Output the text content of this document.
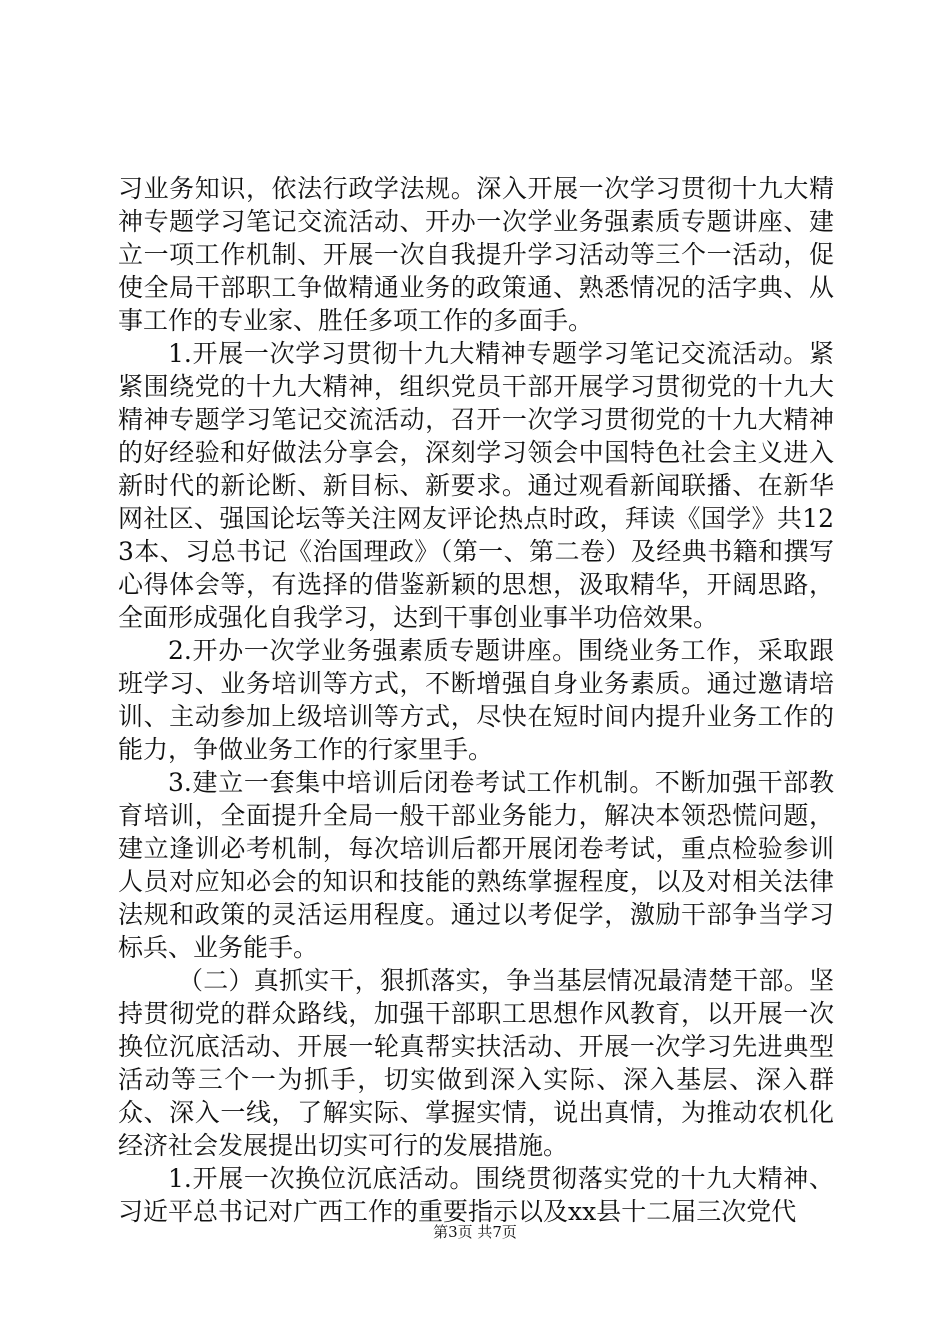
习业务知识，依法行政学法规。深入开展一次学习贯彻十九大精神专题学习笔记交流活动、开办一次学业务强素质专题讲座、建立一项工作机制、开展一次自我提升学习活动等三个一活动，促使全局干部职工争做精通业务的政策通、熟悉情况的活字典、从事工作的专业家、胜任多项工作的多面手。

1.开展一次学习贯彻十九大精神专题学习笔记交流活动。紧紧围绕党的十九大精神，组织党员干部开展学习贯彻党的十九大精神专题学习笔记交流活动，召开一次学习贯彻党的十九大精神的好经验和好做法分享会，深刻学习领会中国特色社会主义进入新时代的新论断、新目标、新要求。通过观看新闻联播、在新华网社区、强国论坛等关注网友评论热点时政，拜读《国学》共123本、习总书记《治国理政》（第一、第二卷）及经典书籍和撰写心得体会等，有选择的借鉴新颖的思想，汲取精华，开阔思路，全面形成强化自我学习，达到干事创业事半功倍效果。

2.开办一次学业务强素质专题讲座。围绕业务工作，采取跟班学习、业务培训等方式，不断增强自身业务素质。通过邀请培训、主动参加上级培训等方式，尽快在短时间内提升业务工作的能力，争做业务工作的行家里手。

3.建立一套集中培训后闭卷考试工作机制。不断加强干部教育培训，全面提升全局一般干部业务能力，解决本领恐慌问题，建立逢训必考机制，每次培训后都开展闭卷考试，重点检验参训人员对应知必会的知识和技能的熟练掌握程度，以及对相关法律法规和政策的灵活运用程度。通过以考促学，激励干部争当学习标兵、业务能手。

（二）真抓实干，狠抓落实，争当基层情况最清楚干部。坚持贯彻党的群众路线，加强干部职工思想作风教育，以开展一次换位沉底活动、开展一轮真帮实扶活动、开展一次学习先进典型活动等三个一为抓手，切实做到深入实际、深入基层、深入群众、深入一线，了解实际、掌握实情，说出真情，为推动农机化经济社会发展提出切实可行的发展措施。

1.开展一次换位沉底活动。围绕贯彻落实党的十九大精神、习近平总书记对广西工作的重要指示以及xx县十二届三次党代

第3页 共7页
